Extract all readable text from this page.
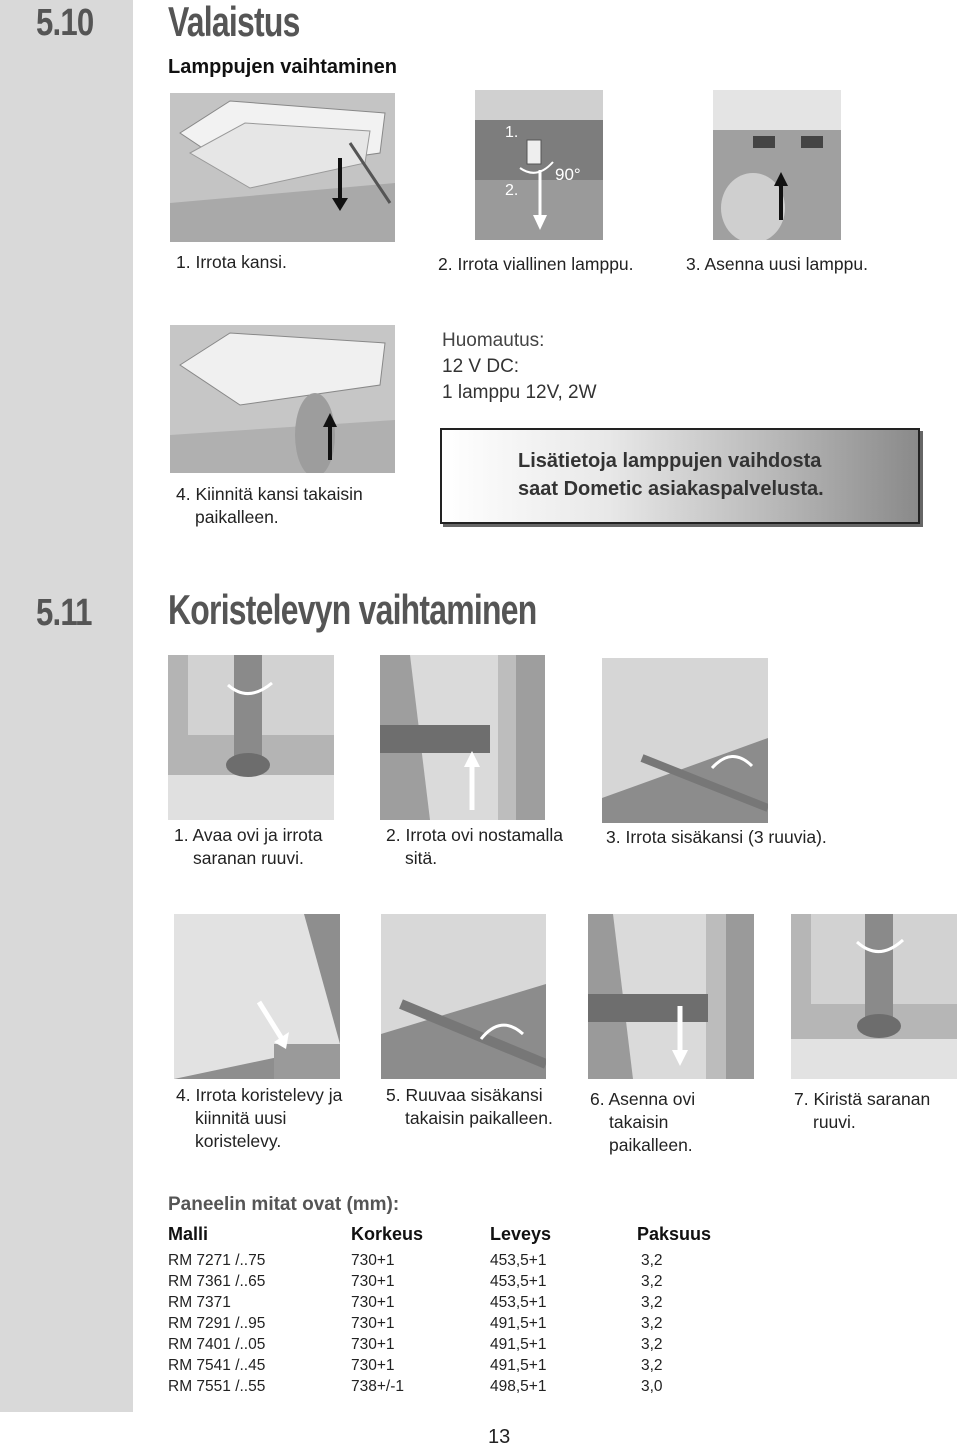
5.10 Valaistus
Lamppujen vaihtaminen
1.
2.
90°
1. Irrota kansi.	2. Irrota viallinen lamppu.	3. Asenna uusi lamppu.
4. Kiinnitä kansi takaisin
paikalleen.
Huomautus:
12 V DC:
1 lamppu 12V, 2W
Lisätietoja lamppujen vaihdosta
saat Dometic asiakaspalvelusta.
5.11 Koristelevyn vaihtaminen
1. Avaa ovi ja irrota
saranan ruuvi.
2. Irrota ovi nostamalla
sitä.
3. Irrota sisäkansi (3 ruuvia).
4. Irrota koristelevy ja
kiinnitä uusi
koristelevy.
5. Ruuvaa sisäkansi
takaisin paikalleen.
6. Asenna ovi
takaisin
paikalleen.
7. Kiristä saranan
ruuvi.
Paneelin mitat ovat (mm):
Malli	Korkeus	Leveys	Paksuus
RM 7271 /..75	730+1	453,5+1	3,2
RM 7361 /..65	730+1	453,5+1	3,2
RM 7371	730+1	453,5+1	3,2
RM 7291 /..95	730+1	491,5+1	3,2
RM 7401 /..05	730+1	491,5+1	3,2
RM 7541 /..45	730+1	491,5+1	3,2
RM 7551 /..55	738+/-1	498,5+1	3,0
13
